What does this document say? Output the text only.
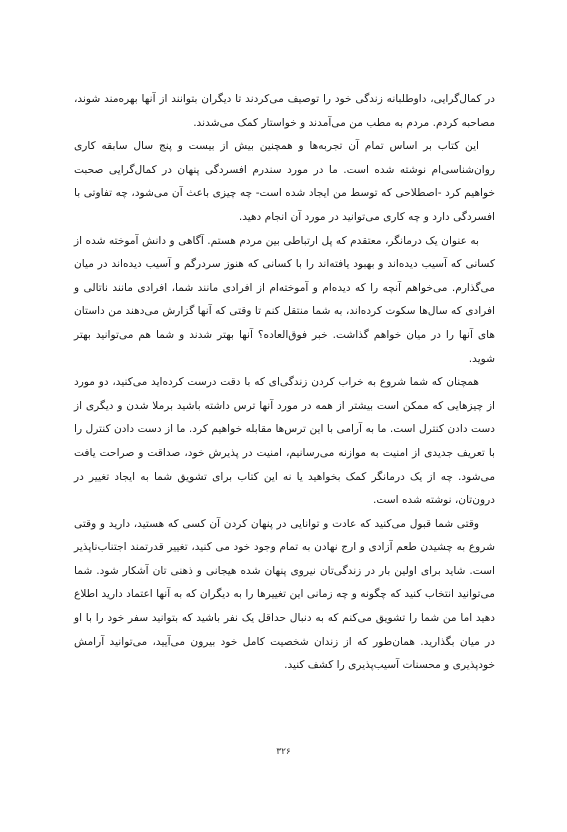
در کمال‌گرایی، داوطلبانه زندگی خود را توصیف می‌کردند تا دیگران بتوانند از آنها بهره‌مند شوند، مصاحبه کردم. مردم به مطب من می‌آمدند و خواستار کمک می‌شدند.

این کتاب بر اساس تمام آن تجربه‌ها و همچنین بیش از بیست و پنج سال سابقه کاری روان‌شناسی‌ام نوشته شده است. ما در مورد سندرم افسردگی پنهان در کمال‌گرایی صحبت خواهیم کرد -اصطلاحی که توسط من ایجاد شده است- چه چیزی باعث آن می‌شود، چه تفاوتی با افسردگی دارد و چه کاری می‌توانید در مورد آن انجام دهید.

به عنوان یک درمانگر، معتقدم که پل ارتباطی بین مردم هستم. آگاهی و دانش آموخته شده از کسانی که آسیب دیده‌اند و بهبود یافته‌اند را با کسانی که هنوز سردرگم و آسیب دیده‌اند در میان می‌گذارم. می‌خواهم آنچه را که دیده‌ام و آموخته‌ام از افرادی مانند شما، افرادی مانند ناتالی و افرادی که سال‌ها سکوت کرده‌اند، به شما منتقل کنم تا وقتی که آنها گزارش می‌دهند من داستان های آنها را در میان خواهم گذاشت. خبر فوق‌العاده؟ آنها بهتر شدند و شما هم می‌توانید بهتر شوید.

همچنان که شما شروع به خراب کردن زندگی‌ای که با دقت درست کرده‌اید می‌کنید، دو مورد از چیزهایی که ممکن است بیشتر از همه در مورد آنها ترس داشته باشید برملا شدن و دیگری از دست دادن کنترل است. ما به آرامی با این ترس‌ها مقابله خواهیم کرد. ما از دست دادن کنترل را با تعریف جدیدی از امنیت به موازنه می‌رسانیم، امنیت در پذیرش خود، صداقت و صراحت یافت می‌شود. چه از یک درمانگر کمک بخواهید یا نه این کتاب برای تشویق شما به ایجاد تغییر در درون‌تان، نوشته شده است.

وقتی شما قبول می‌کنید که عادت و توانایی در پنهان کردن آن کسی که هستید، دارید و وقتی شروع به چشیدن طعم آزادی و ارج نهادن به تمام وجود خود می کنید، تغییر قدرتمند اجتناب‌ناپذیر است. شاید برای اولین بار در زندگی‌تان نیروی پنهان شده هیجانی و ذهنی تان آشکار شود. شما می‌توانید انتخاب کنید که چگونه و چه زمانی این تغییرها را به دیگران که به آنها اعتماد دارید اطلاع دهید اما من شما را تشویق می‌کنم که به دنبال حداقل یک نفر باشید که بتوانید سفر خود را با او در میان بگذارید. همان‌طور که از زندان شخصیت کامل خود بیرون می‌آیید، می‌توانید آرامش خودپذیری و محسنات آسیب‌پذیری را کشف کنید.

۳۲۶
